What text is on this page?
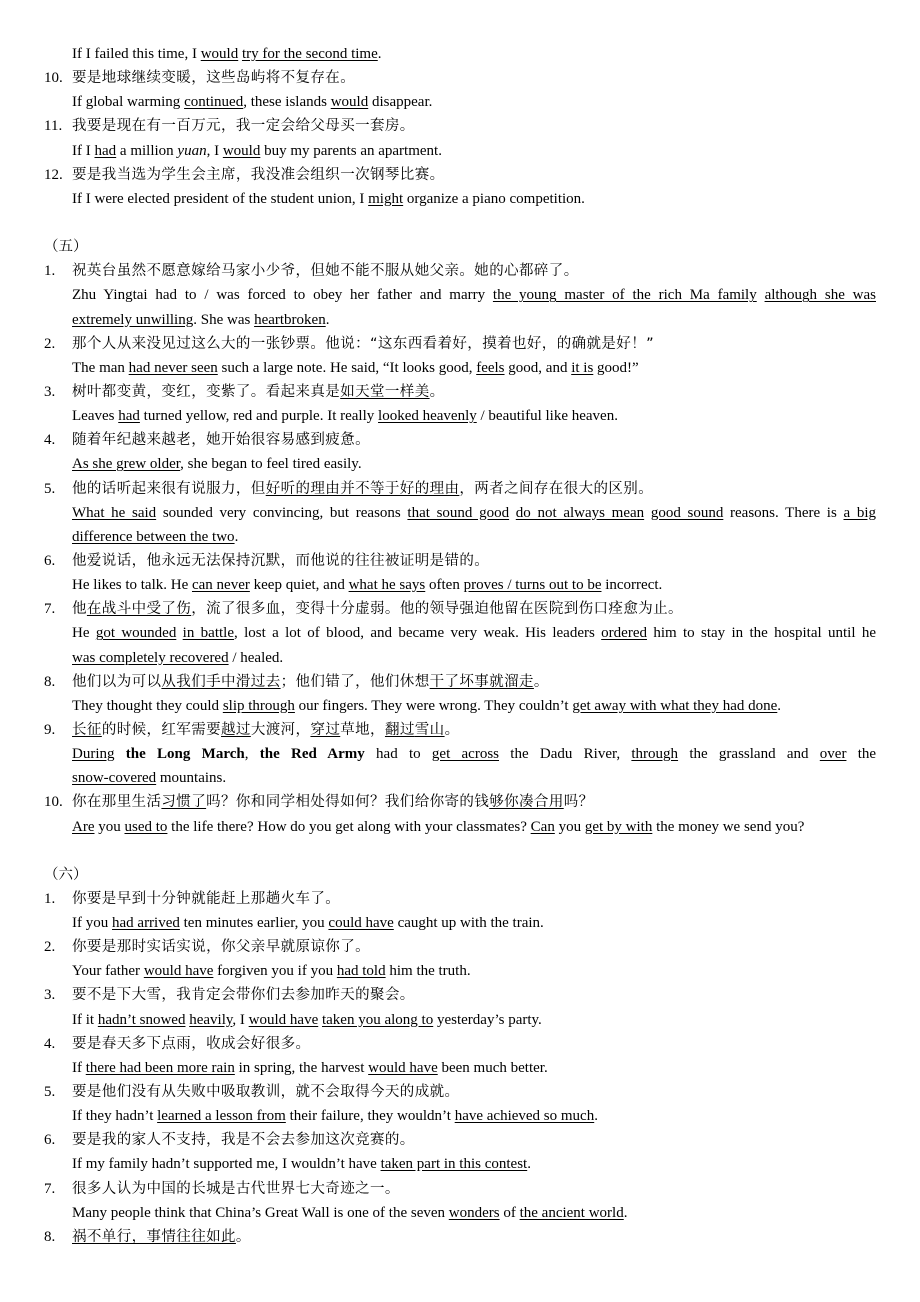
If I failed this time, I would try for the second time.
10. 要是地球继续变暖，这些岛屿将不复存在。
If global warming continued, these islands would disappear.
11. 我要是现在有一百万元，我一定会给父母买一套房。
If I had a million yuan, I would buy my parents an apartment.
12. 要是我当选为学生会主席，我没准会组织一次钢琴比赛。
If I were elected president of the student union, I might organize a piano competition.
（五）
1. 祝英台虽然不愿意嫁给马家小少爷，但她不能不服从她父亲。她的心都碎了。
Zhu Yingtai had to / was forced to obey her father and marry the young master of the rich Ma family although she was
extremely unwilling. She was heartbroken.
2. 那个人从来没见过这么大的一张钞票。他说：“这东西看着好，摸着也好，的确就是好！”
The man had never seen such a large note. He said, “It looks good, feels good, and it is good!”
3. 树叶都变黄，变红，变紫了。看起来真是如天堂一样美。
Leaves had turned yellow, red and purple. It really looked heavenly / beautiful like heaven.
4. 随着年纪越来越老，她开始很容易感到疲惫。
As she grew older, she began to feel tired easily.
5. 他的话听起来很有说服力，但好听的理由并不等于好的理由，两者之间存在很大的区别。
What he said sounded very convincing, but reasons that sound good do not always mean good sound reasons. There is a big
difference between the two.
6. 他爱说话，他永远无法保持沉默，而他说的往往被证明是错的。
He likes to talk. He can never keep quiet, and what he says often proves / turns out to be incorrect.
7. 他在战斗中受了伤，流了很多血，变得十分虚弱。他的领导强迫他留在医院到伤口痊愈为止。
He got wounded in battle, lost a lot of blood, and became very weak. His leaders ordered him to stay in the hospital until he
was completely recovered / healed.
8. 他们以为可以从我们手中滑过去；他们错了，他们休想干了坏事就溜走。
They thought they could slip through our fingers. They were wrong. They couldn’t get away with what they had done.
9. 长征的时候，红军需要越过大渡河，穿过草地，翻过雪山。
During the Long March, the Red Army had to get across the Dadu River, through the grassland and over the
snow-covered mountains.
10. 你在那里生活习惯了吗？你和同学相处得如何？我们给你寄的钱够你凑合用吗？
Are you used to the life there? How do you get along with your classmates? Can you get by with the money we send you?
（六）
1. 你要是早到十分钟就能赶上那趟火车了。
If you had arrived ten minutes earlier, you could have caught up with the train.
2. 你要是那时实话实说，你父亲早就原谅你了。
Your father would have forgiven you if you had told him the truth.
3. 要不是下大雪，我肯定会带你们去参加昨天的聚会。
If it hadn’t snowed heavily, I would have taken you along to yesterday’s party.
4. 要是春天多下点雨，收成会好很多。
If there had been more rain in spring, the harvest would have been much better.
5. 要是他们没有从失败中吸取教训，就不会取得今天的成就。
If they hadn’t learned a lesson from their failure, they wouldn’t have achieved so much.
6. 要是我的家人不支持，我是不会去参加这次竞赛的。
If my family hadn’t supported me, I wouldn’t have taken part in this contest.
7. 很多人认为中国的长城是古代世界七大奇迹之一。
Many people think that China’s Great Wall is one of the seven wonders of the ancient world.
8. 祸不单行，事情往往如此。
